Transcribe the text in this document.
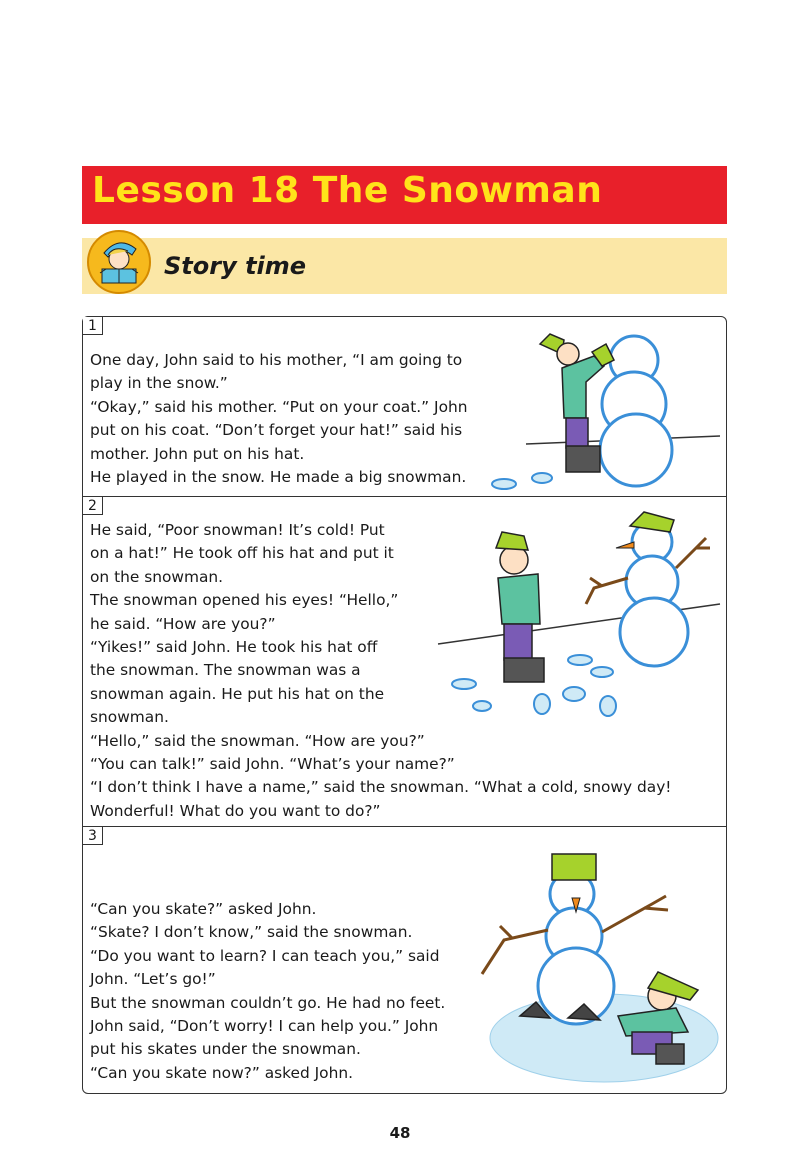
Lesson 18 The Snowman
Story time
1
One day, John said to his mother, “I am going to
play in the snow.”
“Okay,” said his mother. “Put on your coat.” John
put on his coat. “Don’t forget your hat!” said his
mother. John put on his hat.
He played in the snow. He made a big snowman.
2
He said, “Poor snowman! It’s cold! Put
on a hat!” He took off his hat and put it
on the snowman.
The snowman opened his eyes! “Hello,”
he said. “How are you?”
“Yikes!” said John. He took his hat off
the snowman. The snowman was a
snowman again. He put his hat on the
snowman.
“Hello,” said the snowman. “How are you?”
“You can talk!” said John. “What’s your name?”
“I don’t think I have a name,” said the snowman. “What a cold, snowy day!
Wonderful! What do you want to do?”
3
“Can you skate?” asked John.
“Skate? I don’t know,” said the snowman.
“Do you want to learn? I can teach you,” said
John. “Let’s go!”
But the snowman couldn’t go. He had no feet.
John said, “Don’t worry! I can help you.” John
put his skates under the snowman.
“Can you skate now?” asked John.
48
